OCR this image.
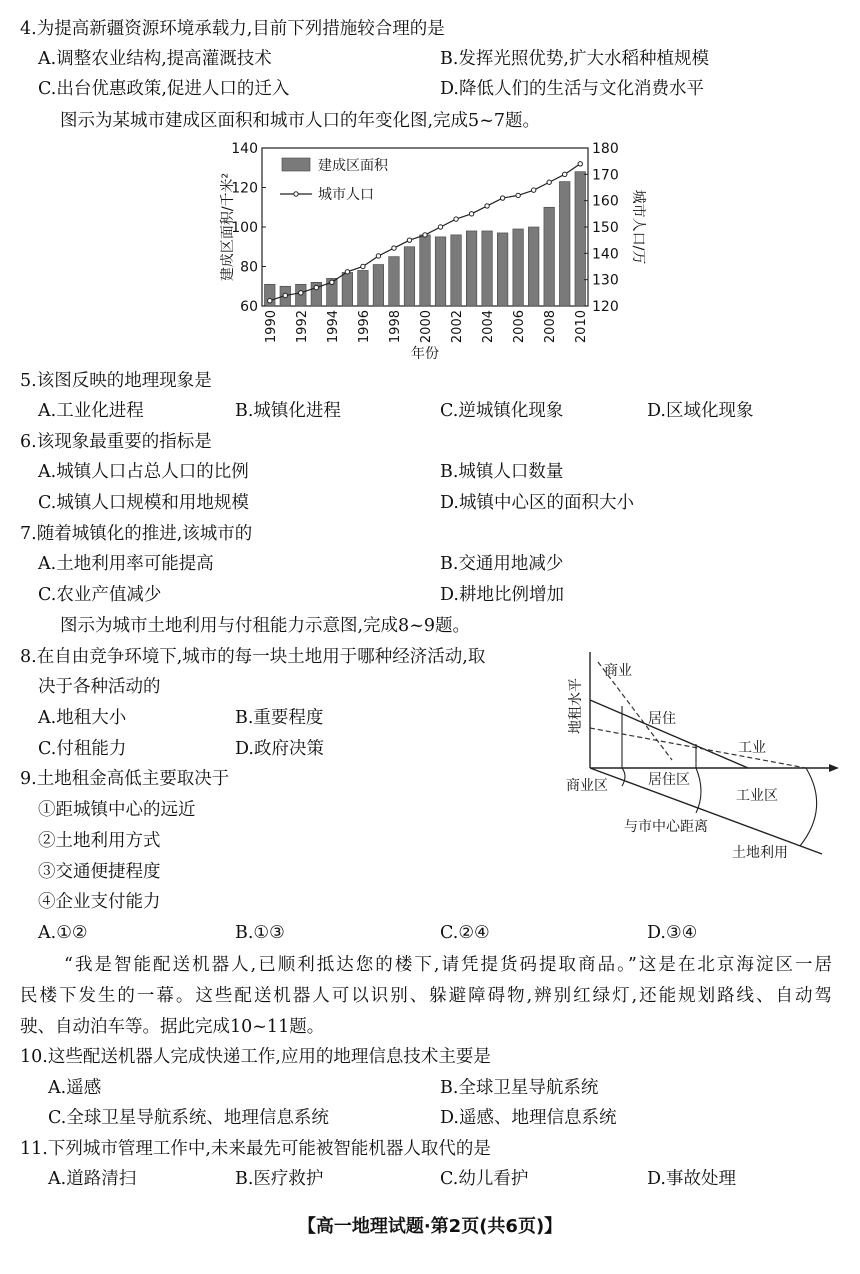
4.为提高新疆资源环境承载力,目前下列措施较合理的是
A.调整农业结构,提高灌溉技术	B.发挥光照优势,扩大水稻种植规模
C.出台优惠政策,促进人口的迁入	D.降低人们的生活与文化消费水平
图示为某城市建成区面积和城市人口的年变化图,完成5~7题。
60
80
100
120
140
120
130
140
150
160
170
180
1990 1992 1994 1996 1998 2000 2002 2004 2006 2008 2010
年份
建成区面积/千米²	城市人口/万
建成区面积
城市人口
5.该图反映的地理现象是
A.工业化进程	B.城镇化进程	C.逆城镇化现象	D.区域化现象
6.该现象最重要的指标是
A.城镇人口占总人口的比例	B.城镇人口数量
C.城镇人口规模和用地规模	D.城镇中心区的面积大小
7.随着城镇化的推进,该城市的
A.土地利用率可能提高	B.交通用地减少
C.农业产值减少	D.耕地比例增加
图示为城市土地利用与付租能力示意图,完成8~9题。
8.在自由竞争环境下,城市的每一块土地用于哪种经济活动,取
决于各种活动的
A.地租大小	B.重要程度
C.付租能力	D.政府决策
9.土地租金高低主要取决于
①距城镇中心的远近
②土地利用方式
③交通便捷程度
④企业支付能力
A.①②	B.①③	C.②④	D.③④
地租水平
商业
居住
工业
商业区	居住区
工业区
与市中心距离
土地利用
“我是智能配送机器人,已顺利抵达您的楼下,请凭提货码提取商品。”这是在北京海淀区一居
民楼下发生的一幕。这些配送机器人可以识别、躲避障碍物,辨别红绿灯,还能规划路线、自动驾
驶、自动泊车等。据此完成10~11题。
10.这些配送机器人完成快递工作,应用的地理信息技术主要是
A.遥感	B.全球卫星导航系统
C.全球卫星导航系统、地理信息系统	D.遥感、地理信息系统
11.下列城市管理工作中,未来最先可能被智能机器人取代的是
A.道路清扫	B.医疗救护	C.幼儿看护	D.事故处理
【高一地理试题·第2页(共6页)】
